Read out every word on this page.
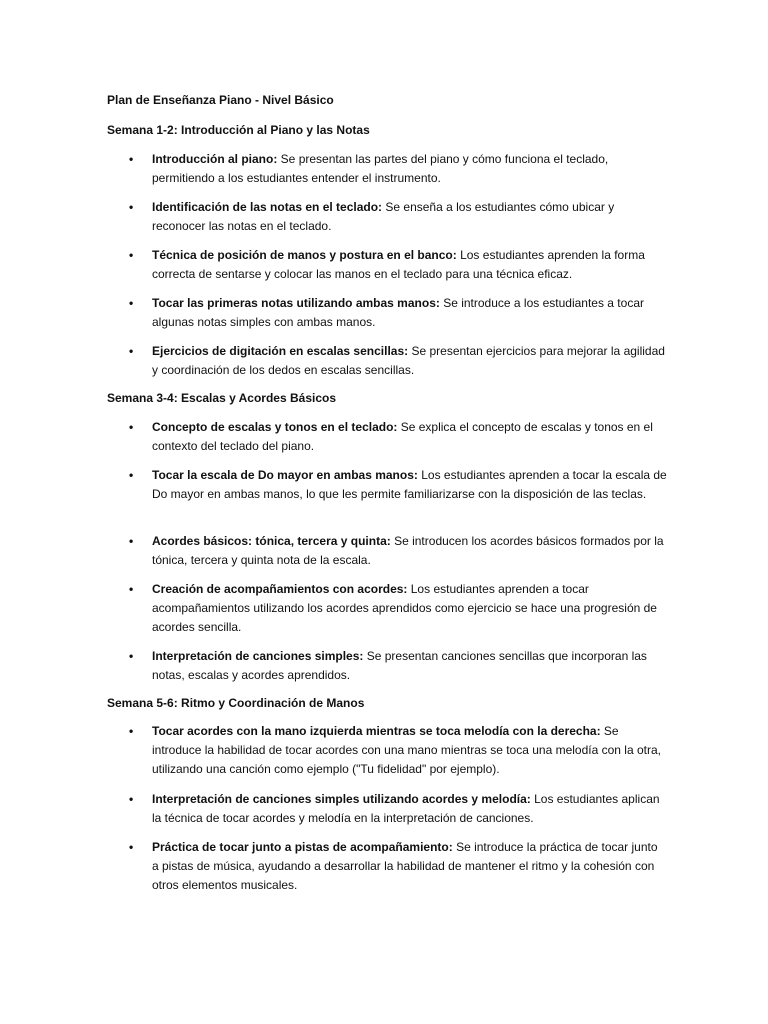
Plan de Enseñanza Piano - Nivel Básico
Semana 1-2: Introducción al Piano y las Notas
• Introducción al piano: Se presentan las partes del piano y cómo funciona el teclado, permitiendo a los estudiantes entender el instrumento.
• Identificación de las notas en el teclado: Se enseña a los estudiantes cómo ubicar y reconocer las notas en el teclado.
• Técnica de posición de manos y postura en el banco: Los estudiantes aprenden la forma correcta de sentarse y colocar las manos en el teclado para una técnica eficaz.
• Tocar las primeras notas utilizando ambas manos: Se introduce a los estudiantes a tocar algunas notas simples con ambas manos.
• Ejercicios de digitación en escalas sencillas: Se presentan ejercicios para mejorar la agilidad y coordinación de los dedos en escalas sencillas.
Semana 3-4: Escalas y Acordes Básicos
• Concepto de escalas y tonos en el teclado: Se explica el concepto de escalas y tonos en el contexto del teclado del piano.
• Tocar la escala de Do mayor en ambas manos: Los estudiantes aprenden a tocar la escala de Do mayor en ambas manos, lo que les permite familiarizarse con la disposición de las teclas.
• Acordes básicos: tónica, tercera y quinta: Se introducen los acordes básicos formados por la tónica, tercera y quinta nota de la escala.
• Creación de acompañamientos con acordes: Los estudiantes aprenden a tocar acompañamientos utilizando los acordes aprendidos como ejercicio se hace una progresión de acordes sencilla.
• Interpretación de canciones simples: Se presentan canciones sencillas que incorporan las notas, escalas y acordes aprendidos.
Semana 5-6: Ritmo y Coordinación de Manos
• Tocar acordes con la mano izquierda mientras se toca melodía con la derecha: Se introduce la habilidad de tocar acordes con una mano mientras se toca una melodía con la otra, utilizando una canción como ejemplo ("Tu fidelidad" por ejemplo).
• Interpretación de canciones simples utilizando acordes y melodía: Los estudiantes aplican la técnica de tocar acordes y melodía en la interpretación de canciones.
• Práctica de tocar junto a pistas de acompañamiento: Se introduce la práctica de tocar junto a pistas de música, ayudando a desarrollar la habilidad de mantener el ritmo y la cohesión con otros elementos musicales.
